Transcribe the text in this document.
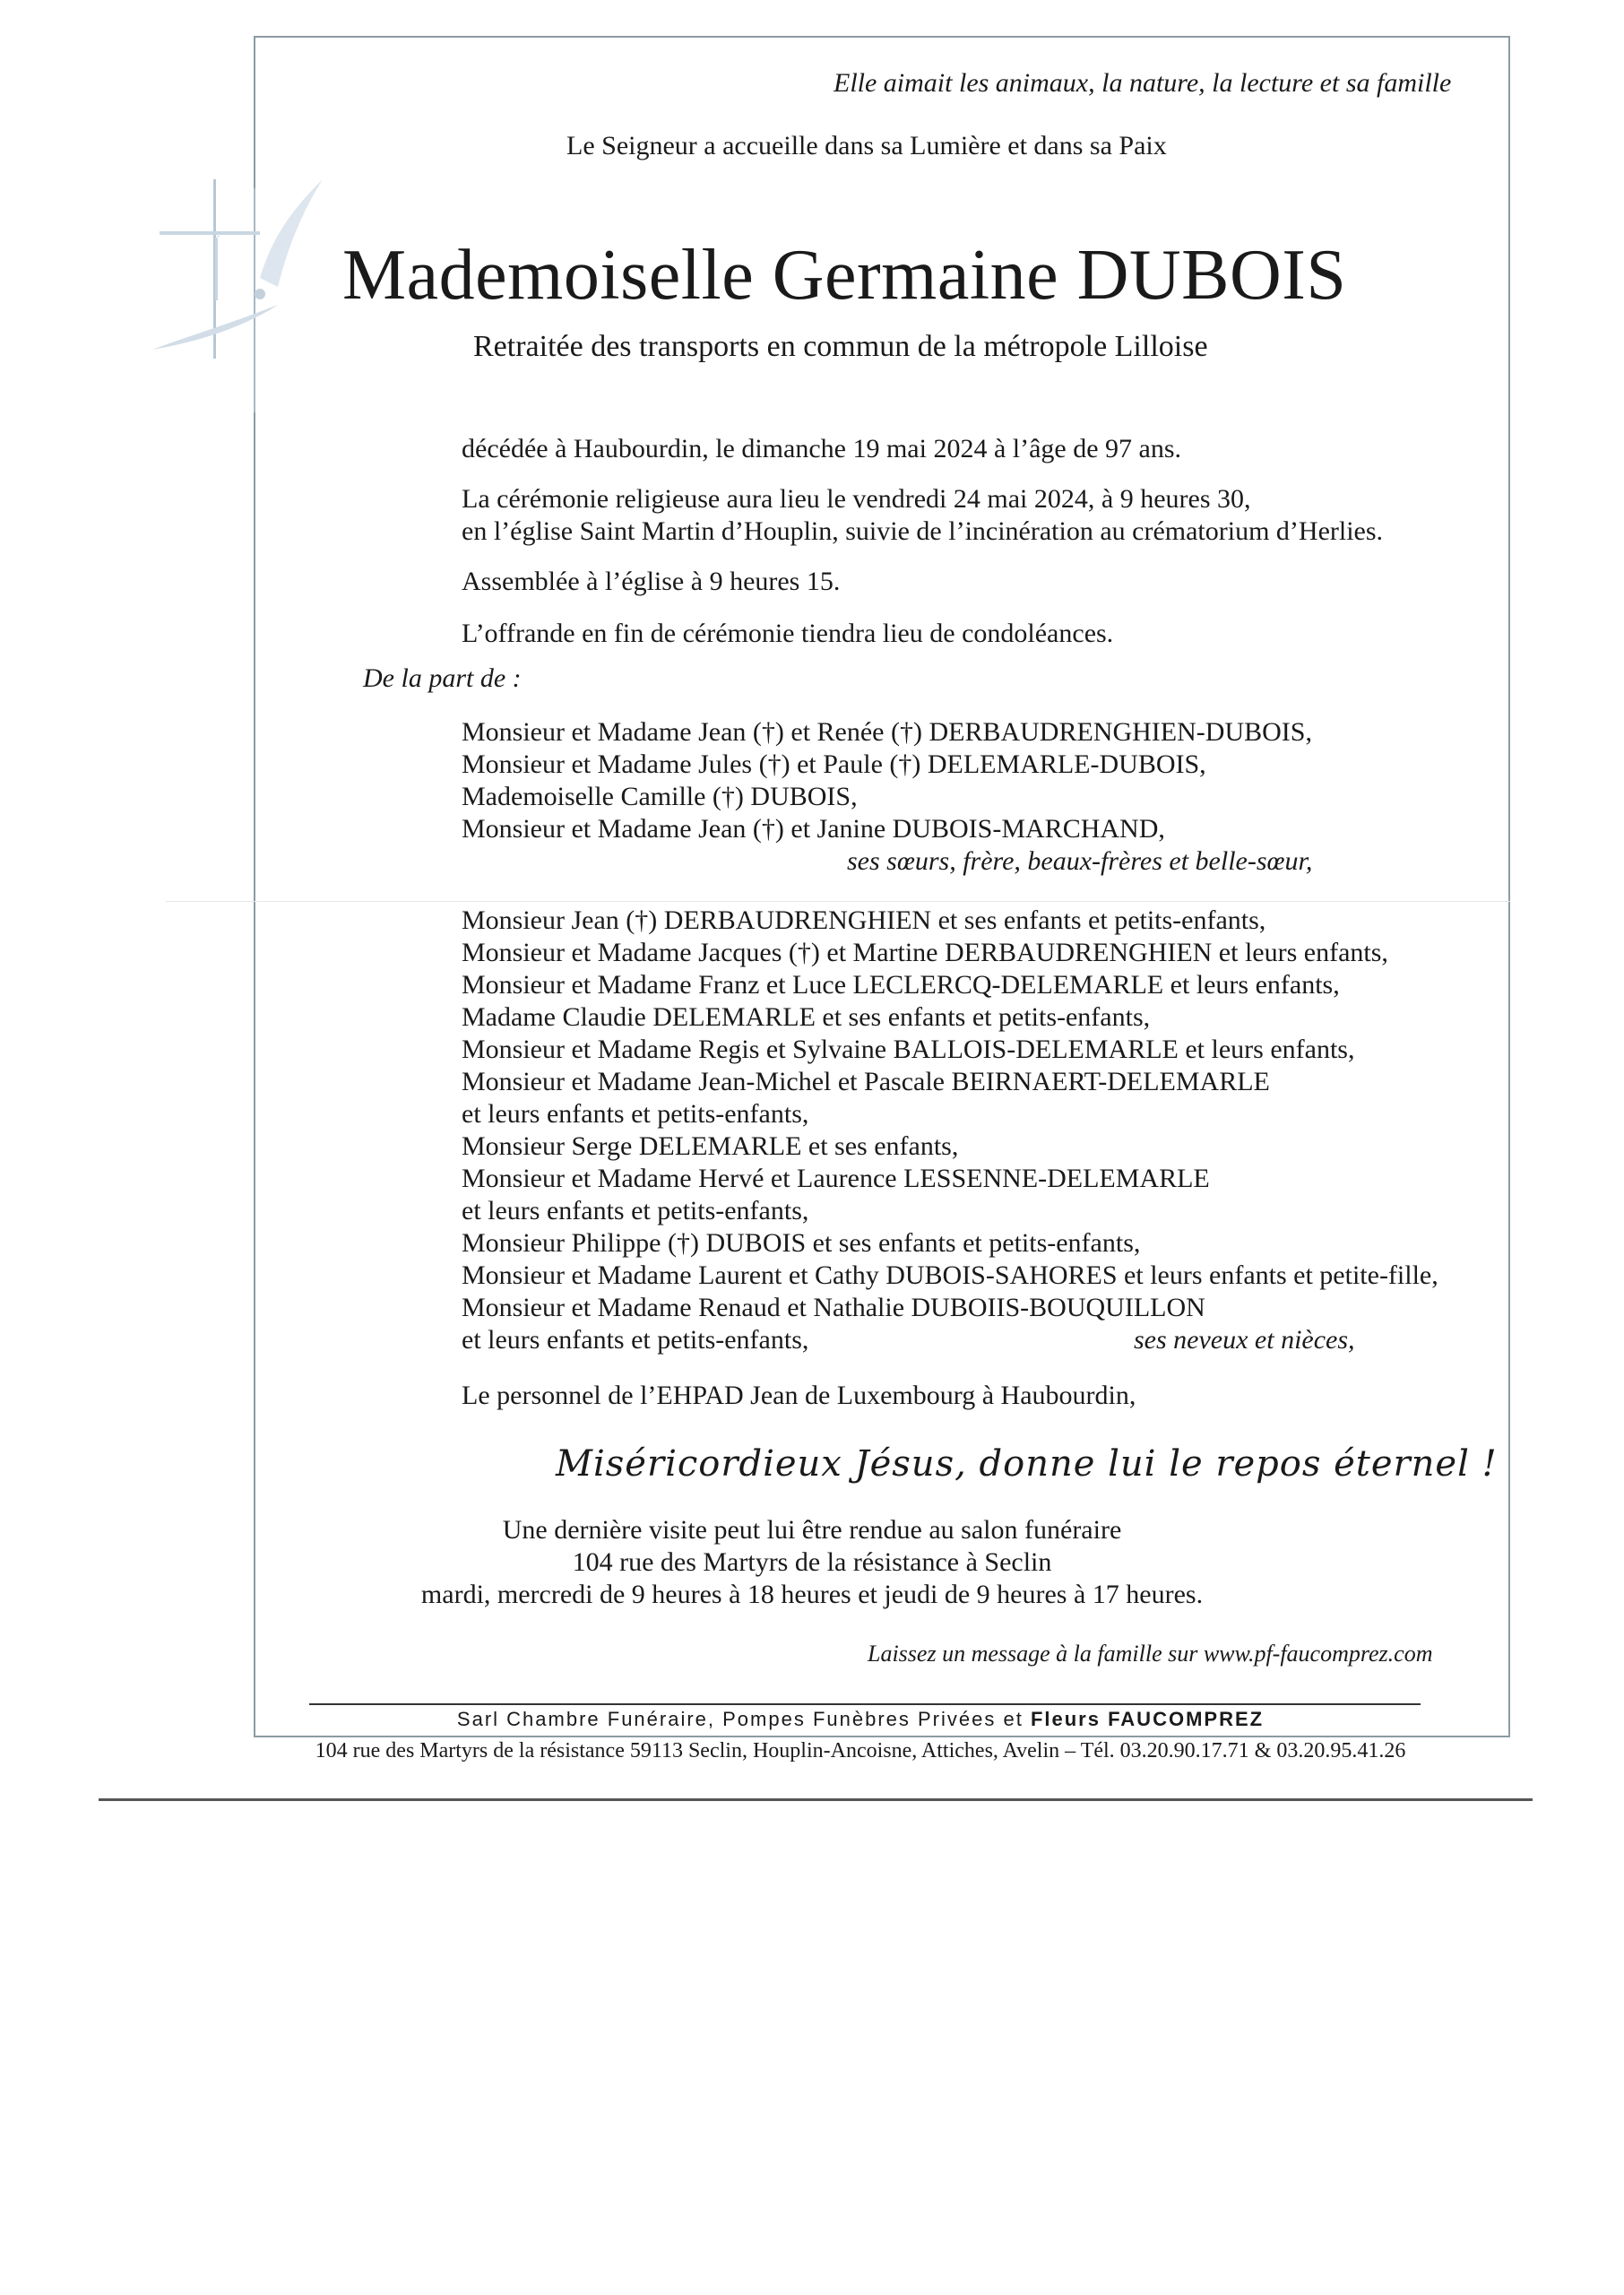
Elle aimait les animaux, la nature, la lecture et sa famille

Le Seigneur a accueille dans sa Lumière et dans sa Paix

Mademoiselle Germaine DUBOIS

Retraitée des transports en commun de la métropole Lilloise

décédée à Haubourdin, le dimanche 19 mai 2024 à l’âge de 97 ans.

La cérémonie religieuse aura lieu le vendredi 24 mai 2024, à 9 heures 30,

en l’église Saint Martin d’Houplin, suivie de l’incinération au crématorium d’Herlies.

Assemblée à l’église à 9 heures 15.

L’offrande en fin de cérémonie tiendra lieu de condoléances.

De la part de :

Monsieur et Madame Jean (†) et Renée (†) DERBAUDRENGHIEN-DUBOIS,

Monsieur et Madame Jules (†) et Paule (†) DELEMARLE-DUBOIS,

Mademoiselle Camille (†) DUBOIS,

Monsieur et Madame Jean (†) et Janine DUBOIS-MARCHAND,

ses sœurs, frère, beaux-frères et belle-sœur,

Monsieur Jean (†) DERBAUDRENGHIEN et ses enfants et petits-enfants,

Monsieur et Madame Jacques (†) et Martine DERBAUDRENGHIEN et leurs enfants,

Monsieur et Madame Franz et Luce LECLERCQ-DELEMARLE et leurs enfants,

Madame Claudie DELEMARLE et ses enfants et petits-enfants,

Monsieur et Madame Regis et Sylvaine BALLOIS-DELEMARLE et leurs enfants,

Monsieur et Madame Jean-Michel et Pascale BEIRNAERT-DELEMARLE

et leurs enfants et petits-enfants,

Monsieur Serge DELEMARLE et ses enfants,

Monsieur et Madame Hervé et Laurence LESSENNE-DELEMARLE

et leurs enfants et petits-enfants,

Monsieur Philippe (†) DUBOIS et ses enfants et petits-enfants,

Monsieur et Madame Laurent et Cathy DUBOIS-SAHORES et leurs enfants et petite-fille,

Monsieur et Madame Renaud et Nathalie DUBOIIS-BOUQUILLON

et leurs enfants et petits-enfants,	ses neveux et nièces,

Le personnel de l’EHPAD Jean de Luxembourg à Haubourdin,

Miséricordieux Jésus, donne lui le repos éternel !

Une dernière visite peut lui être rendue au salon funéraire

104 rue des Martyrs de la résistance à Seclin

mardi, mercredi de 9 heures à 18 heures et jeudi de 9 heures à 17 heures.

Laissez un message à la famille sur www.pf-faucomprez.com

Sarl Chambre Funéraire, Pompes Funèbres Privées et Fleurs FAUCOMPREZ

104 rue des Martyrs de la résistance 59113 Seclin, Houplin-Ancoisne, Attiches, Avelin – Tél. 03.20.90.17.71 & 03.20.95.41.26
